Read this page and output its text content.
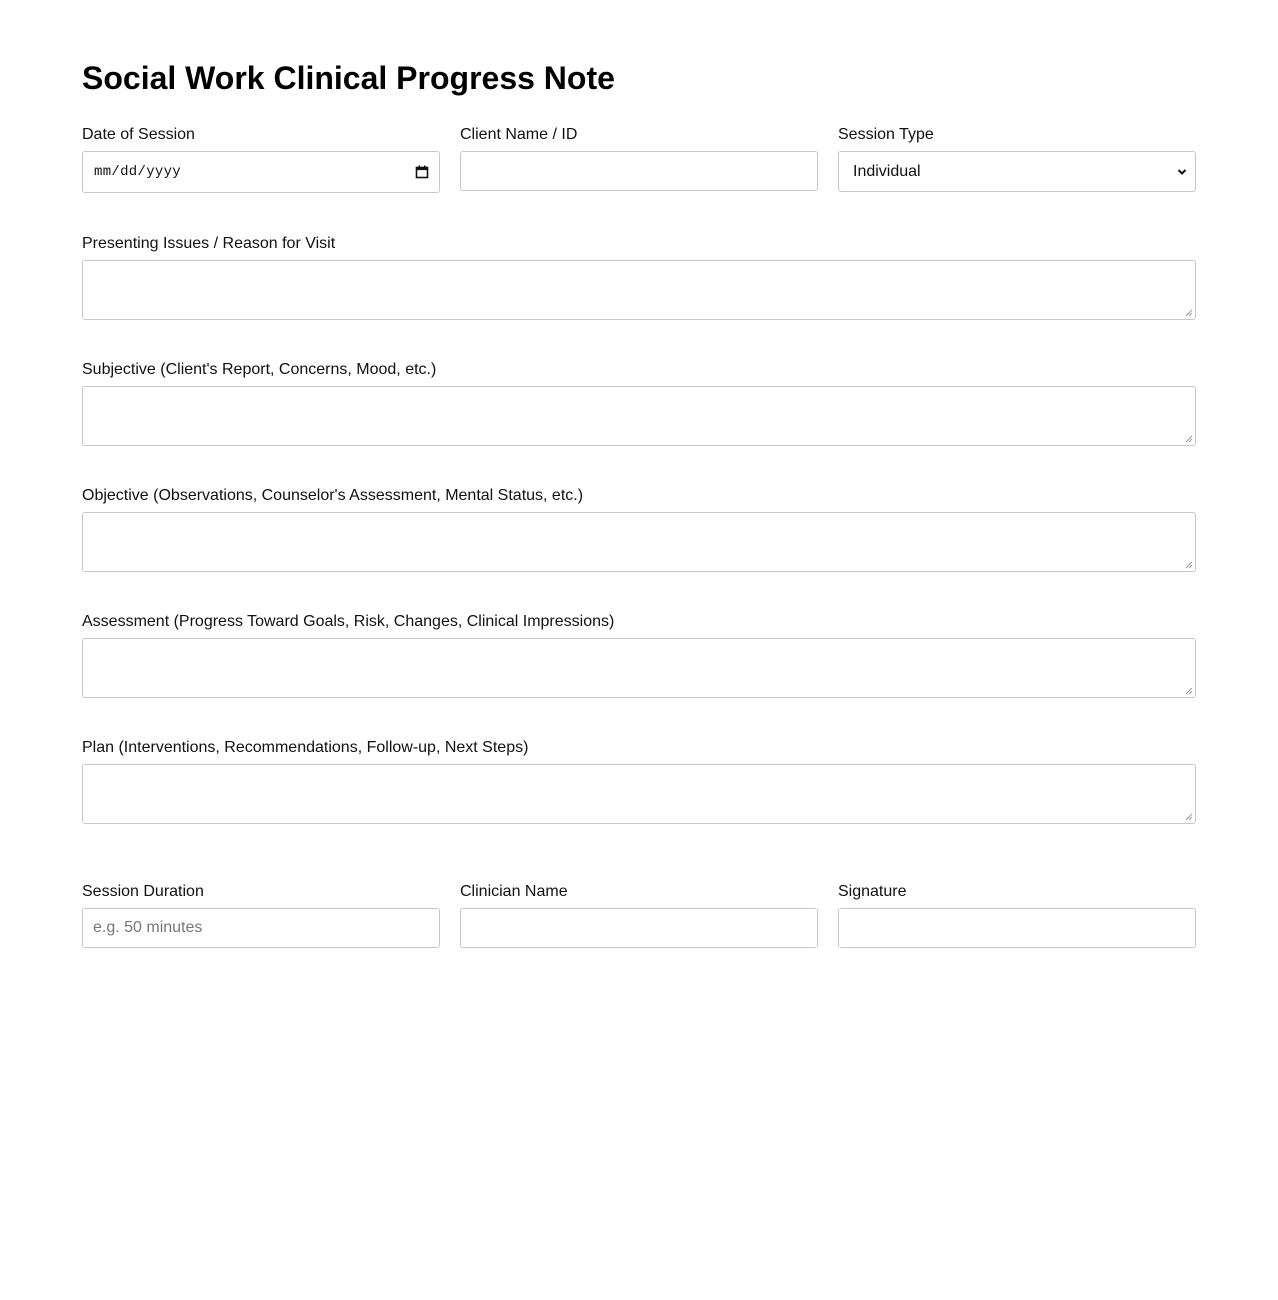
Social Work Clinical Progress Note
Date of Session
mm/dd/yyyy
Client Name / ID	Session Type
Individual
Presenting Issues / Reason for Visit
Subjective (Client's Report, Concerns, Mood, etc.)
Objective (Observations, Counselor's Assessment, Mental Status, etc.)
Assessment (Progress Toward Goals, Risk, Changes, Clinical Impressions)
Plan (Interventions, Recommendations, Follow-up, Next Steps)
Session Duration
e.g. 50 minutes
Clinician Name	Signature
